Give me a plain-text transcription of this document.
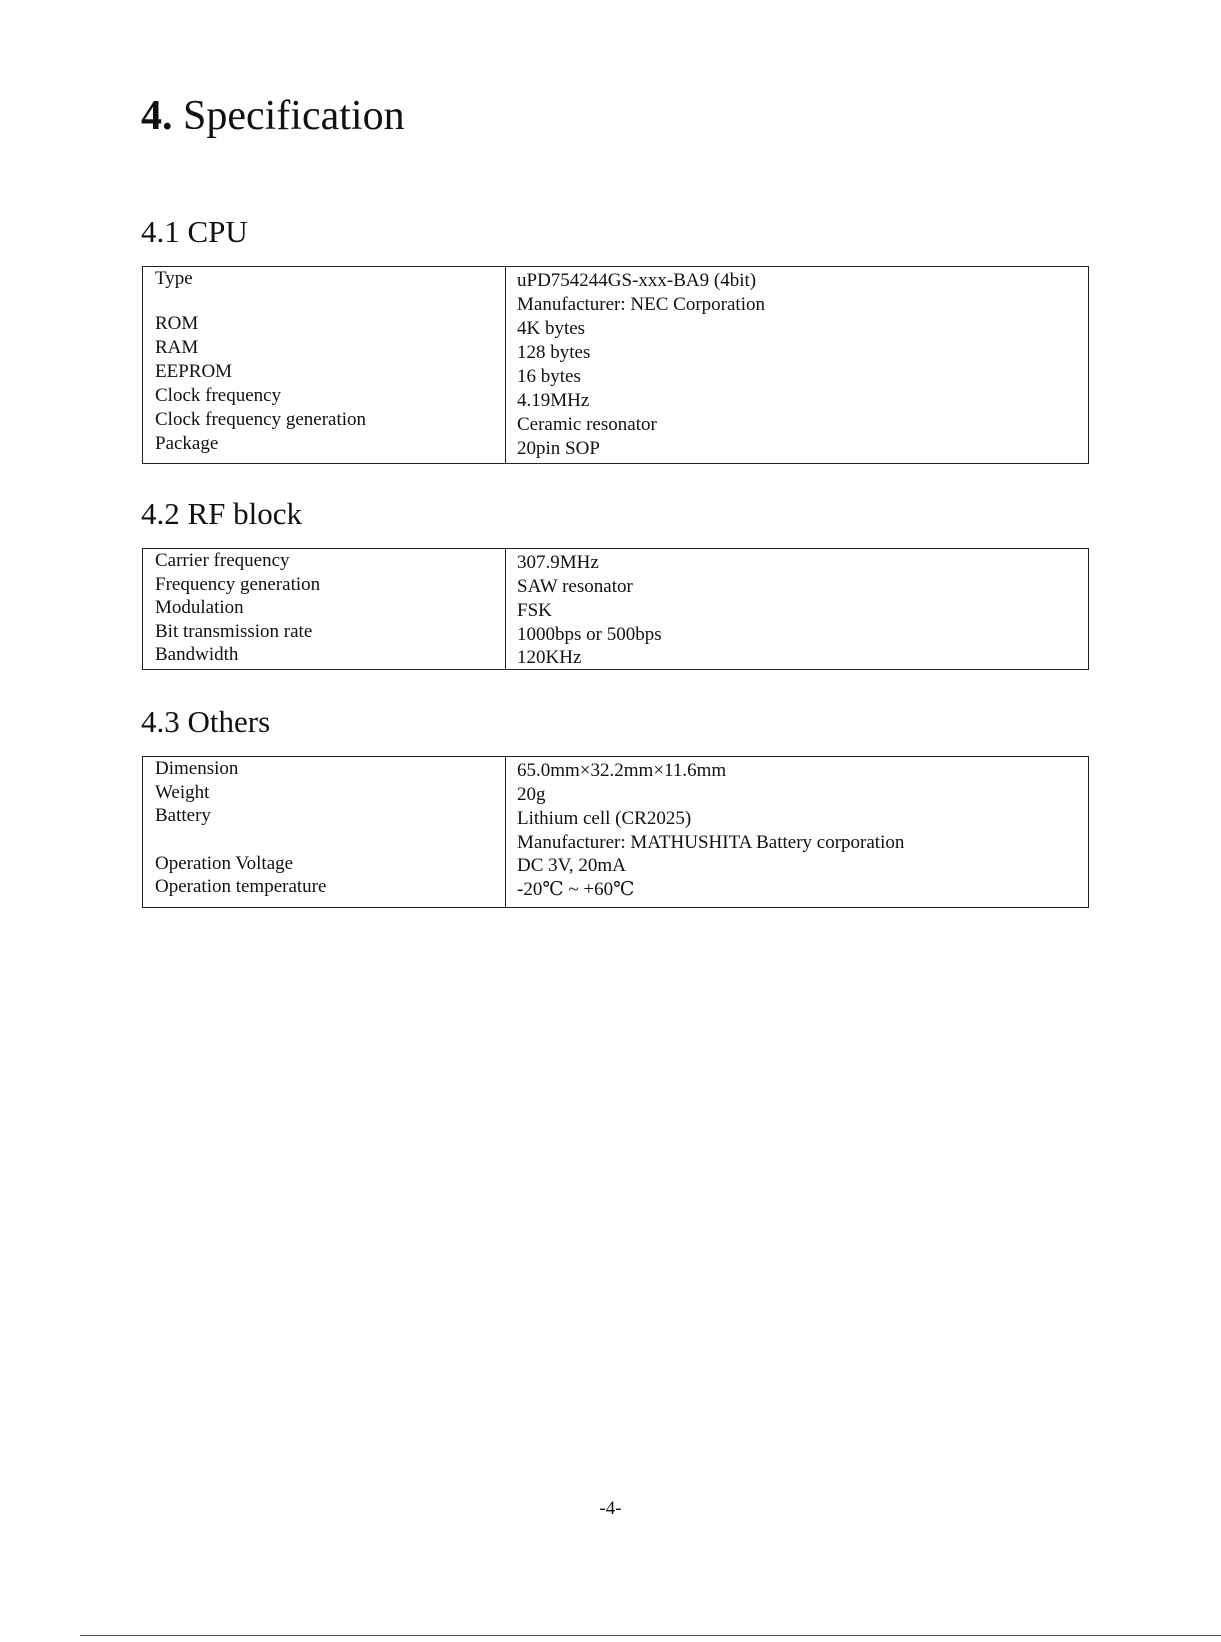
4. Specification
4.1 CPU
Type
ROM
RAM
EEPROM
Clock frequency
Clock frequency generation
Package
uPD754244GS-xxx-BA9 (4bit)
Manufacturer: NEC Corporation
4K bytes
128 bytes
16 bytes
4.19MHz
Ceramic resonator
20pin SOP
4.2 RF block
Carrier frequency
Frequency generation
Modulation
Bit transmission rate
Bandwidth
307.9MHz
SAW resonator
FSK
1000bps or 500bps
120KHz
4.3 Others
Dimension
Weight
Battery
Operation Voltage
Operation temperature
65.0mm×32.2mm×11.6mm
20g
Lithium cell (CR2025)
Manufacturer: MATHUSHITA Battery corporation
DC 3V, 20mA
-20℃ ~ +60℃
-4-
